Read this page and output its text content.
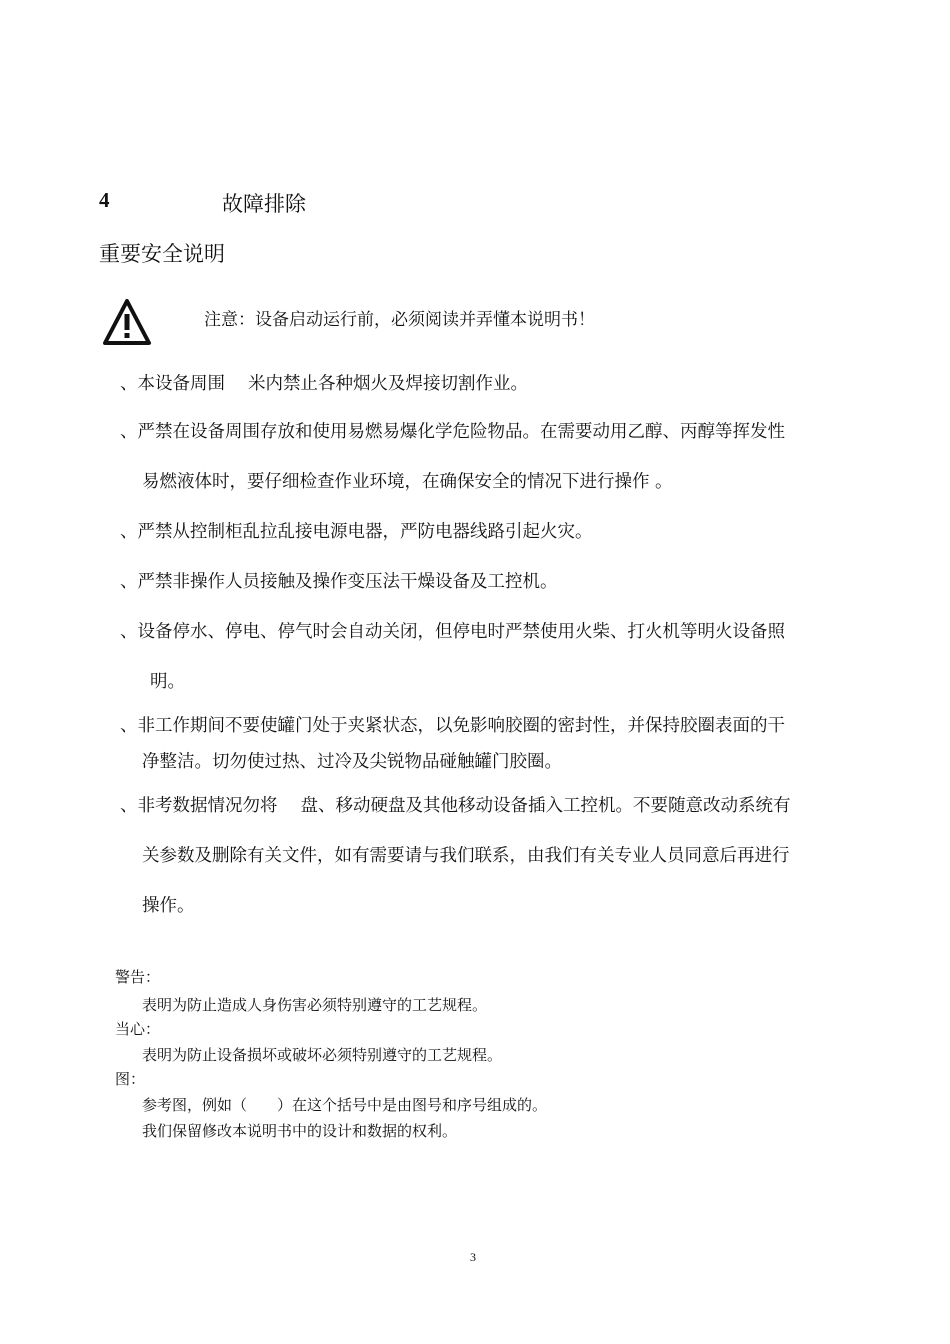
4	故障排除
重要安全说明
注意：设备启动运行前，必须阅读并弄懂本说明书！
、本设备周围　 米内禁止各种烟火及焊接切割作业。
、严禁在设备周围存放和使用易燃易爆化学危险物品。在需要动用乙醇、丙醇等挥发性
易燃液体时，要仔细检查作业环境，在确保安全的情况下进行操作 。
、严禁从控制柜乱拉乱接电源电器，严防电器线路引起火灾。
、严禁非操作人员接触及操作变压法干燥设备及工控机。
、设备停水、停电、停气时会自动关闭，但停电时严禁使用火柴、打火机等明火设备照
明。
、非工作期间不要使罐门处于夹紧状态，以免影响胶圈的密封性，并保持胶圈表面的干
净整洁。切勿使过热、过冷及尖锐物品碰触罐门胶圈。
、非考数据情况勿将　 盘、移动硬盘及其他移动设备插入工控机。不要随意改动系统有
关参数及删除有关文件，如有需要请与我们联系，由我们有关专业人员同意后再进行
操作。
警告：
表明为防止造成人身伤害必须特别遵守的工艺规程。
当心：
表明为防止设备损坏或破坏必须特别遵守的工艺规程。
图：
参考图，例如（　　）在这个括号中是由图号和序号组成的。
我们保留修改本说明书中的设计和数据的权利。
3
